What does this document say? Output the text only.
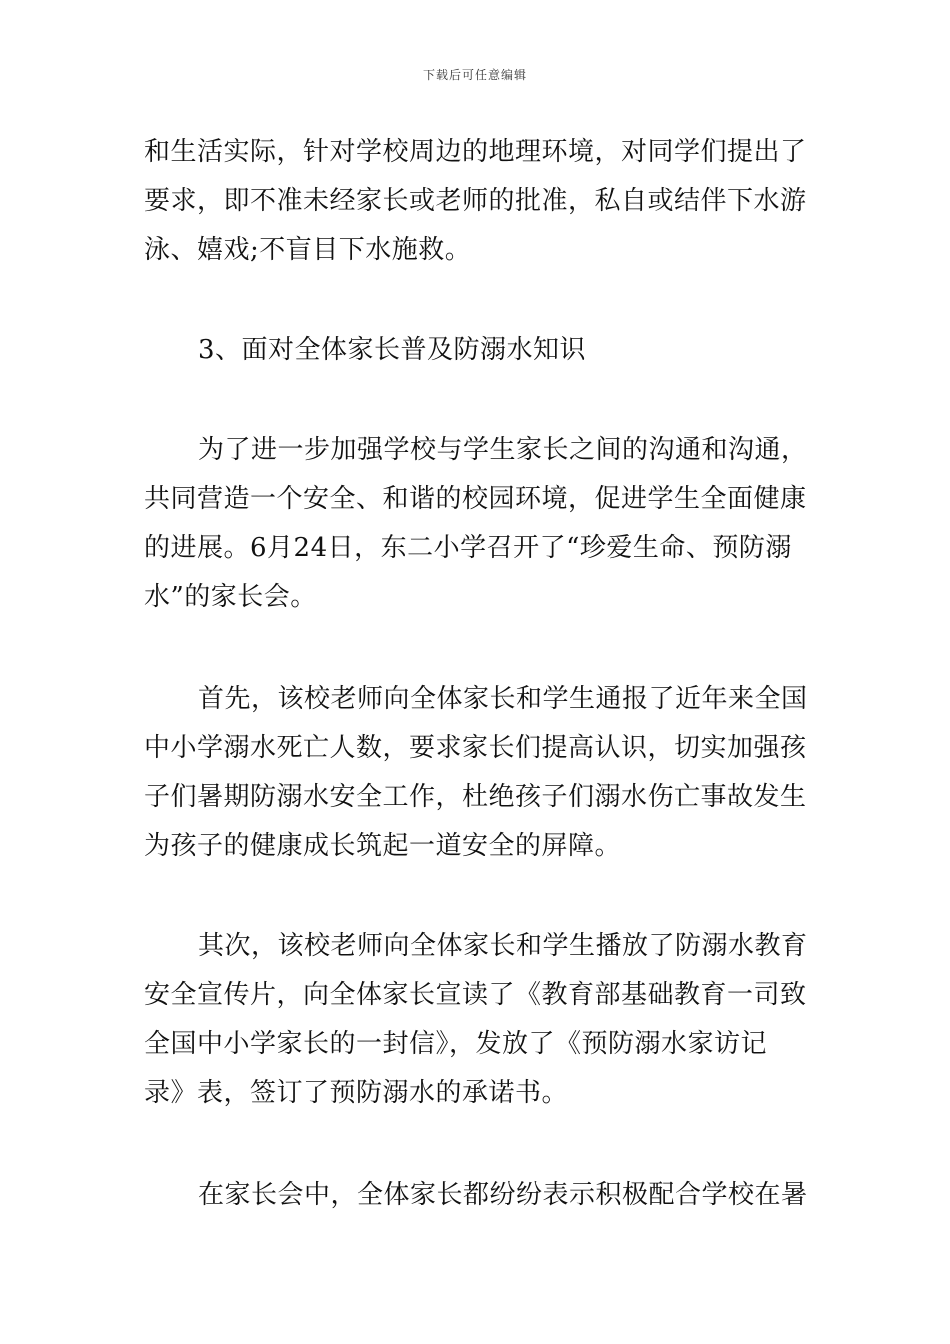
下载后可任意编辑
和生活实际，针对学校周边的地理环境，对同学们提出了
要求，即不准未经家长或老师的批准，私自或结伴下水游
泳、嬉戏;不盲目下水施救。
3、面对全体家长普及防溺水知识
为了进一步加强学校与学生家长之间的沟通和沟通，
共同营造一个安全、和谐的校园环境，促进学生全面健康
的进展。6月24日，东二小学召开了“珍爱生命、预防溺
水”的家长会。
首先，该校老师向全体家长和学生通报了近年来全国
中小学溺水死亡人数，要求家长们提高认识，切实加强孩
子们暑期防溺水安全工作，杜绝孩子们溺水伤亡事故发生
为孩子的健康成长筑起一道安全的屏障。
其次，该校老师向全体家长和学生播放了防溺水教育
安全宣传片，向全体家长宣读了《教育部基础教育一司致
全国中小学家长的一封信》，发放了《预防溺水家访记
录》表，签订了预防溺水的承诺书。
在家长会中，全体家长都纷纷表示积极配合学校在暑
